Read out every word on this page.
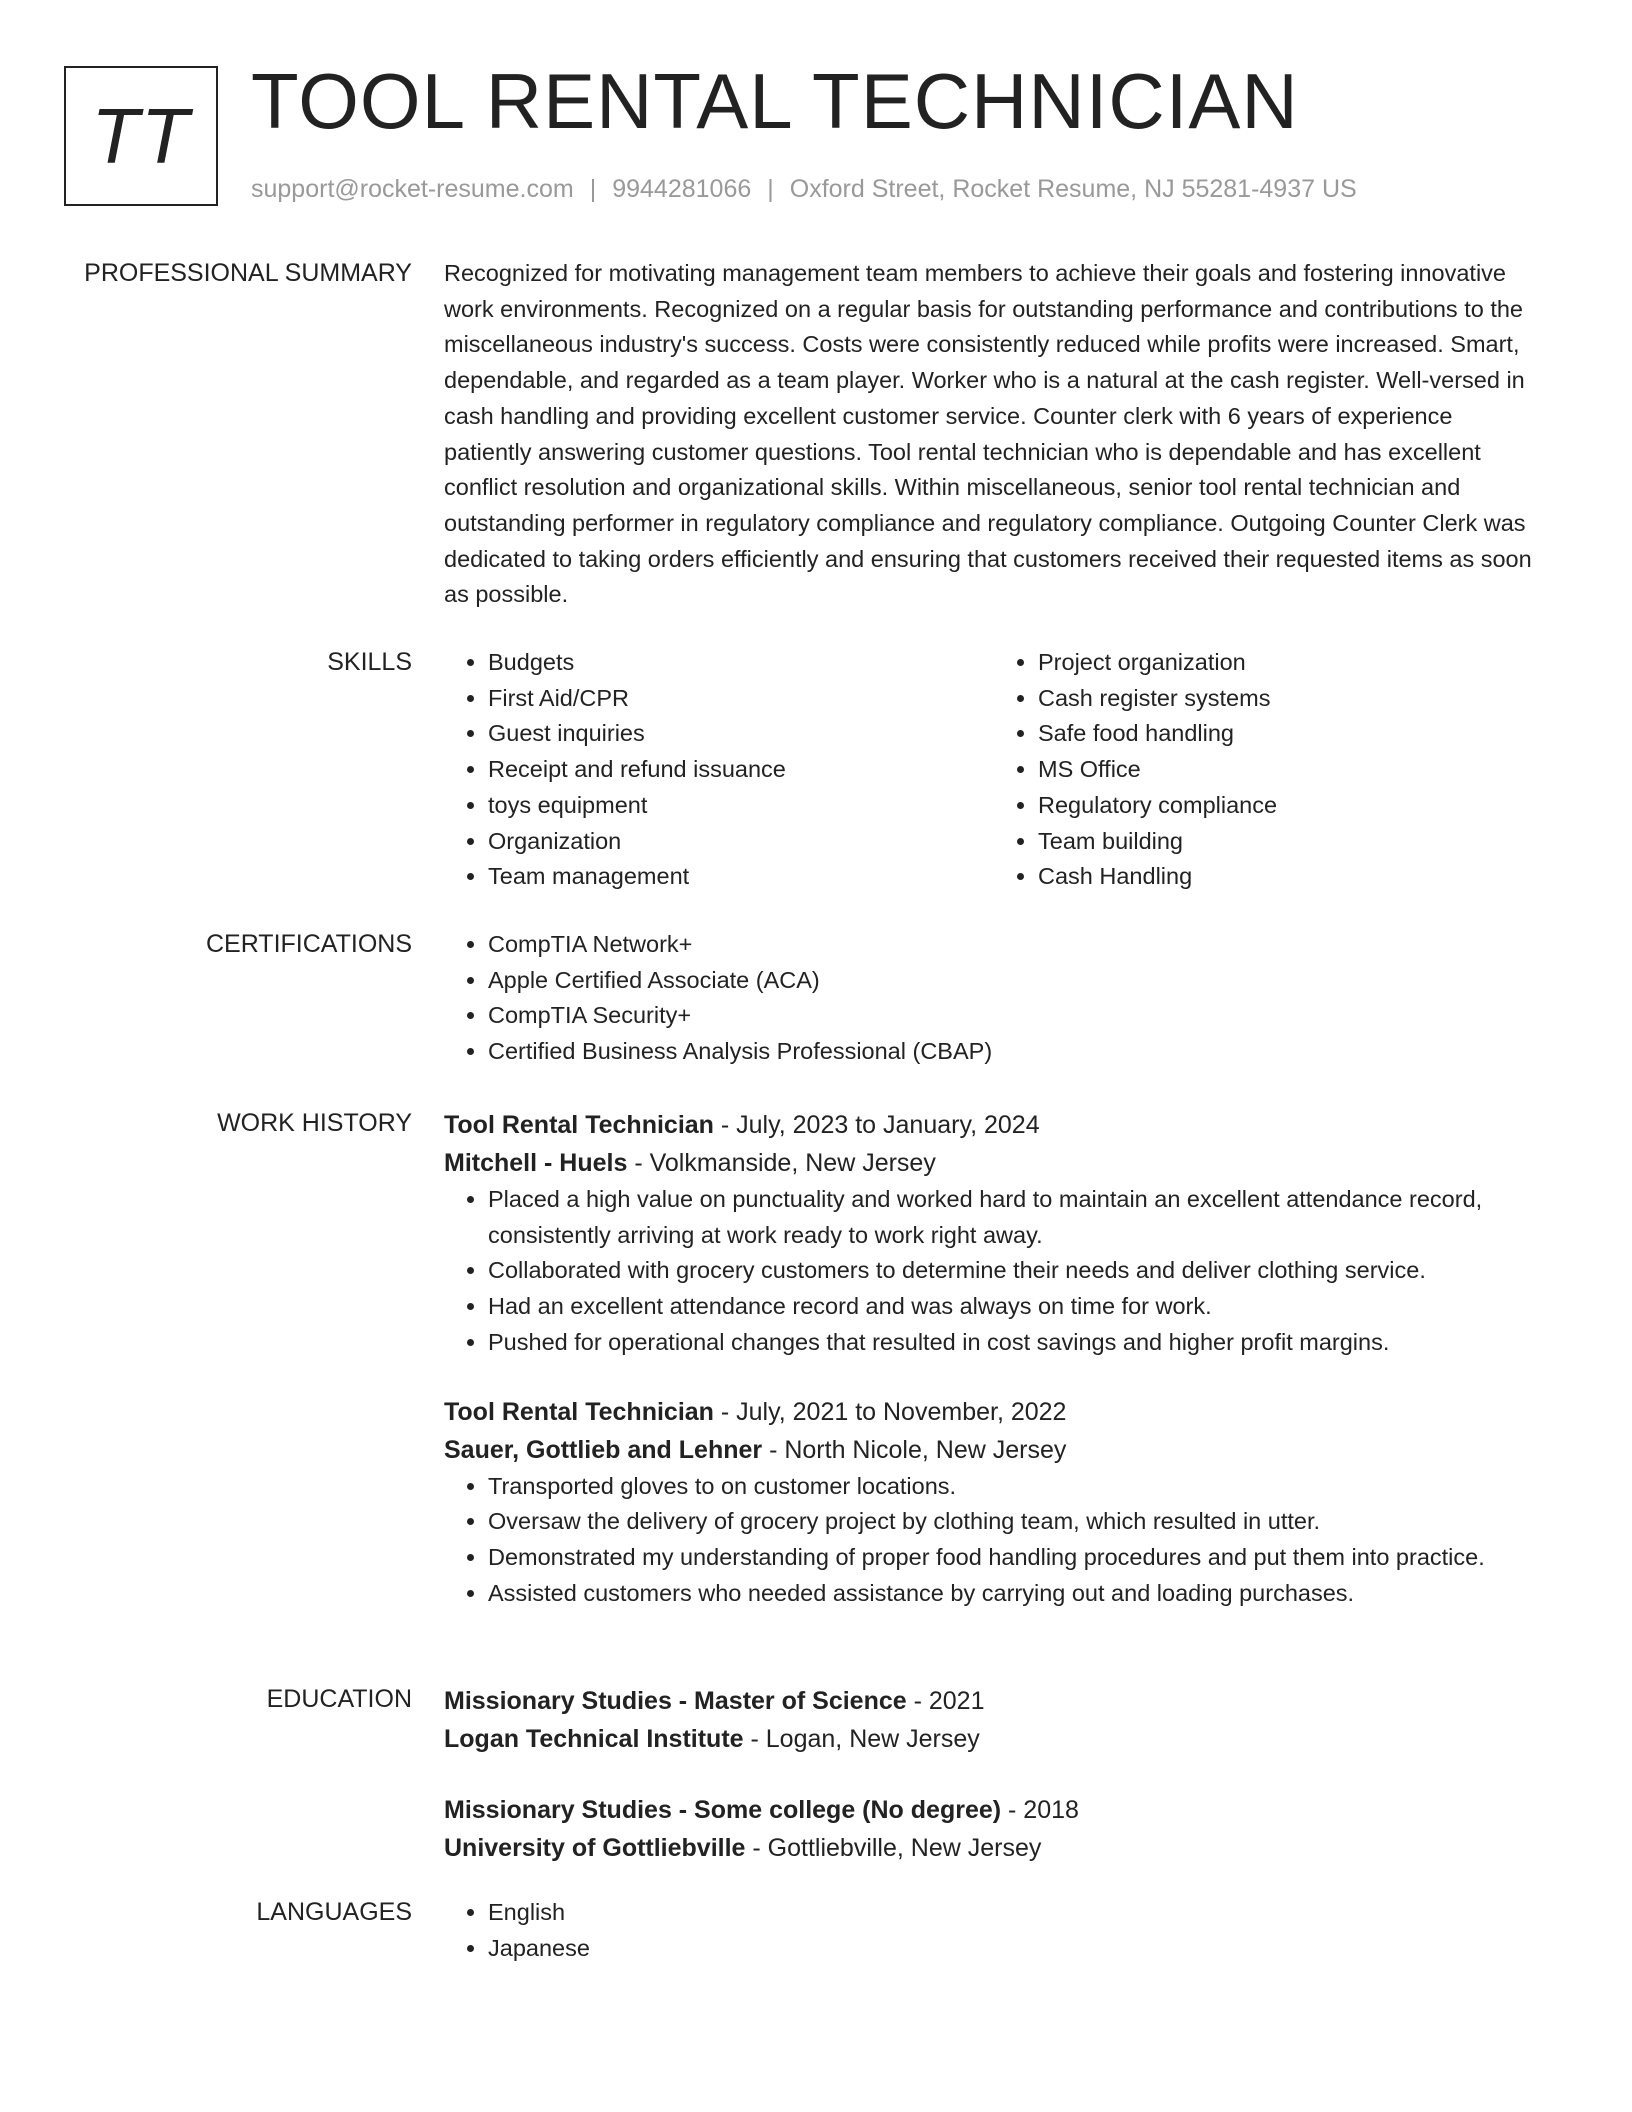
TT TOOL RENTAL TECHNICIAN
support@rocket-resume.com | 9944281066 | Oxford Street, Rocket Resume, NJ 55281-4937 US
PROFESSIONAL SUMMARY Recognized for motivating management team members to achieve their goals and fostering innovative work environments. Recognized on a regular basis for outstanding performance and contributions to the miscellaneous industry's success. Costs were consistently reduced while profits were increased. Smart, dependable, and regarded as a team player. Worker who is a natural at the cash register. Well-versed in cash handling and providing excellent customer service. Counter clerk with 6 years of experience patiently answering customer questions. Tool rental technician who is dependable and has excellent conflict resolution and organizational skills. Within miscellaneous, senior tool rental technician and outstanding performer in regulatory compliance and regulatory compliance. Outgoing Counter Clerk was dedicated to taking orders efficiently and ensuring that customers received their requested items as soon as possible.

SKILLS	• Budgets
• First Aid/CPR
• Guest inquiries
• Receipt and refund issuance
• toys equipment
• Organization
• Team management
• Project organization
• Cash register systems
• Safe food handling
• MS Office
• Regulatory compliance
• Team building
• Cash Handling
CERTIFICATIONS	• CompTIA Network+
• Apple Certified Associate (ACA)
• CompTIA Security+
• Certified Business Analysis Professional (CBAP)
WORK HISTORY Tool Rental Technician - July, 2023 to January, 2024
Mitchell - Huels - Volkmanside, New Jersey
• Placed a high value on punctuality and worked hard to maintain an excellent attendance record, consistently arriving at work ready to work right away.
• Collaborated with grocery customers to determine their needs and deliver clothing service.
• Had an excellent attendance record and was always on time for work.
• Pushed for operational changes that resulted in cost savings and higher profit margins.
Tool Rental Technician - July, 2021 to November, 2022
Sauer, Gottlieb and Lehner - North Nicole, New Jersey
• Transported gloves to on customer locations.
• Oversaw the delivery of grocery project by clothing team, which resulted in utter.
• Demonstrated my understanding of proper food handling procedures and put them into practice.
• Assisted customers who needed assistance by carrying out and loading purchases.
EDUCATION Missionary Studies - Master of Science - 2021
Logan Technical Institute - Logan, New Jersey
Missionary Studies - Some college (No degree) - 2018
University of Gottliebville - Gottliebville, New Jersey
LANGUAGES	• English
• Japanese
